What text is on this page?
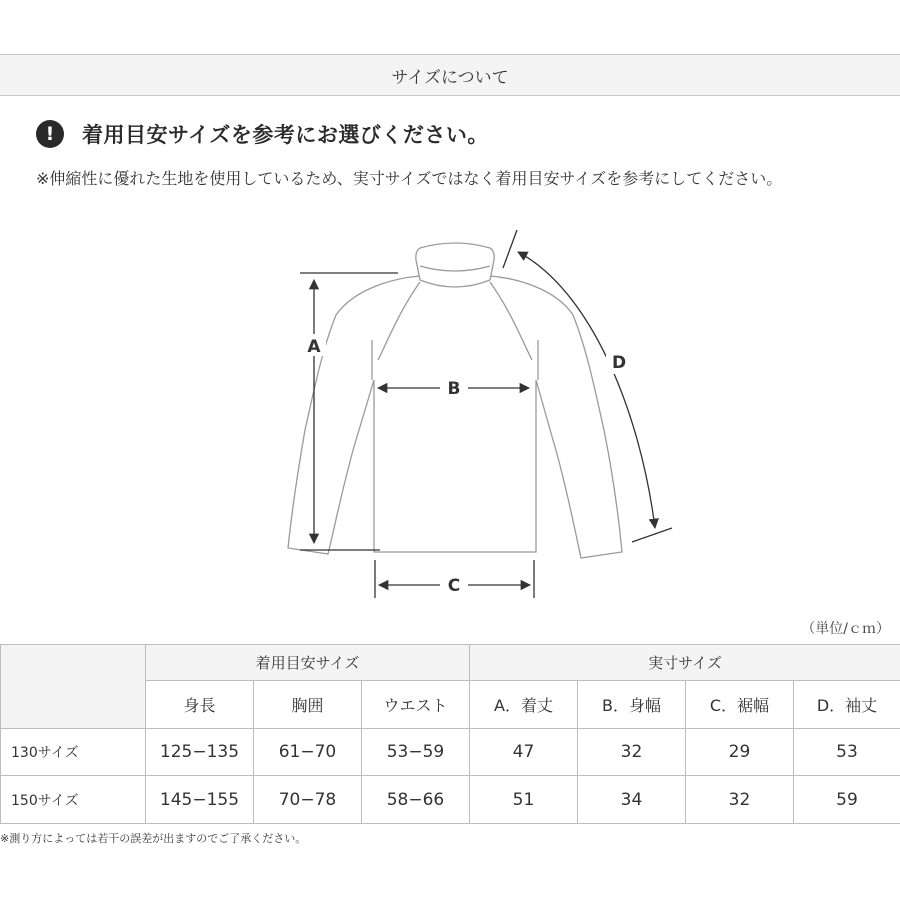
サイズについて
! 着用目安サイズを参考にお選びください。
※伸縮性に優れた生地を使用しているため、実寸サイズではなく着用目安サイズを参考にしてください。
A
B
C
D
（単位/ｃｍ）
	着用目安サイズ			実寸サイズ			
	身長	胸囲	ウエスト	A．着丈	B．身幅	C．裾幅	D．袖丈
130サイズ	125−135	61−70	53−59	47	32	29	53
150サイズ	145−155	70−78	58−66	51	34	32	59
※測り方によっては若干の誤差が出ますのでご了承ください。
